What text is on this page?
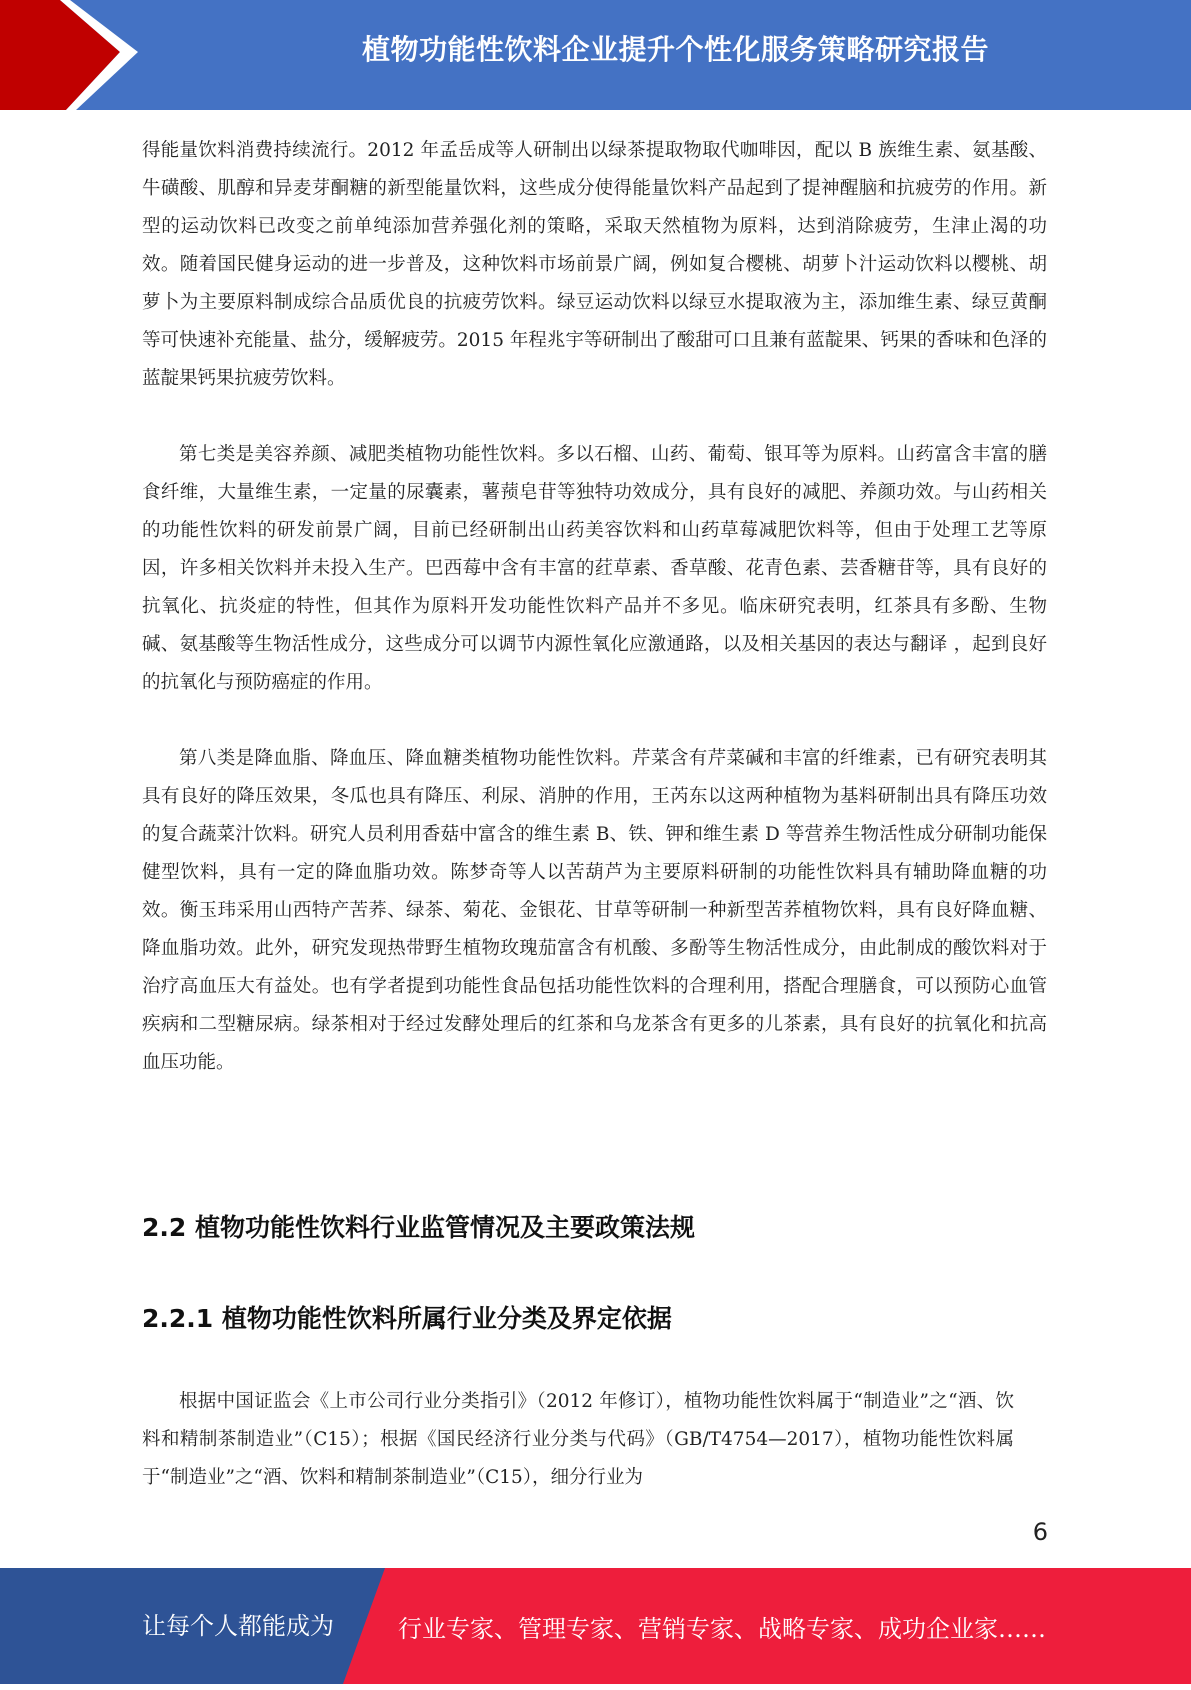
植物功能性饮料企业提升个性化服务策略研究报告

得能量饮料消费持续流行。2012 年孟岳成等人研制出以绿茶提取物取代咖啡因，配以 B 族维生素、氨基酸、牛磺酸、肌醇和异麦芽酮糖的新型能量饮料，这些成分使得能量饮料产品起到了提神醒脑和抗疲劳的作用。新型的运动饮料已改变之前单纯添加营养强化剂的策略，采取天然植物为原料，达到消除疲劳，生津止渴的功效。随着国民健身运动的进一步普及，这种饮料市场前景广阔，例如复合樱桃、胡萝卜汁运动饮料以樱桃、胡萝卜为主要原料制成综合品质优良的抗疲劳饮料。绿豆运动饮料以绿豆水提取液为主，添加维生素、绿豆黄酮等可快速补充能量、盐分，缓解疲劳。2015 年程兆宇等研制出了酸甜可口且兼有蓝靛果、钙果的香味和色泽的蓝靛果钙果抗疲劳饮料。

第七类是美容养颜、减肥类植物功能性饮料。多以石榴、山药、葡萄、银耳等为原料。山药富含丰富的膳食纤维，大量维生素，一定量的尿囊素，薯蓣皂苷等独特功效成分，具有良好的减肥、养颜功效。与山药相关的功能性饮料的研发前景广阔，目前已经研制出山药美容饮料和山药草莓减肥饮料等，但由于处理工艺等原因，许多相关饮料并未投入生产。巴西莓中含有丰富的荭草素、香草酸、花青色素、芸香糖苷等，具有良好的抗氧化、抗炎症的特性，但其作为原料开发功能性饮料产品并不多见。临床研究表明，红茶具有多酚、生物碱、氨基酸等生物活性成分，这些成分可以调节内源性氧化应激通路，以及相关基因的表达与翻译 ，起到良好的抗氧化与预防癌症的作用。

第八类是降血脂、降血压、降血糖类植物功能性饮料。芹菜含有芹菜碱和丰富的纤维素，已有研究表明其具有良好的降压效果，冬瓜也具有降压、利尿、消肿的作用，王芮东以这两种植物为基料研制出具有降压功效的复合蔬菜汁饮料。研究人员利用香菇中富含的维生素 B、铁、钾和维生素 D 等营养生物活性成分研制功能保健型饮料，具有一定的降血脂功效。陈梦奇等人以苦葫芦为主要原料研制的功能性饮料具有辅助降血糖的功效。衡玉玮采用山西特产苦荞、绿茶、菊花、金银花、甘草等研制一种新型苦荞植物饮料，具有良好降血糖、降血脂功效。此外，研究发现热带野生植物玫瑰茄富含有机酸、多酚等生物活性成分，由此制成的酸饮料对于治疗高血压大有益处。也有学者提到功能性食品包括功能性饮料的合理利用，搭配合理膳食，可以预防心血管疾病和二型糖尿病。绿茶相对于经过发酵处理后的红茶和乌龙茶含有更多的儿茶素，具有良好的抗氧化和抗高血压功能。

2.2 植物功能性饮料行业监管情况及主要政策法规
2.2.1 植物功能性饮料所属行业分类及界定依据

根据中国证监会《上市公司行业分类指引》（2012 年修订），植物功能性饮料属于“制造业”之“酒、饮料和精制茶制造业”（C15）；根据《国民经济行业分类与代码》（GB/T4754—2017），植物功能性饮料属于“制造业”之“酒、饮料和精制茶制造业”（C15），细分行业为

6
让每个人都能成为	行业专家、管理专家、营销专家、战略专家、成功企业家……
